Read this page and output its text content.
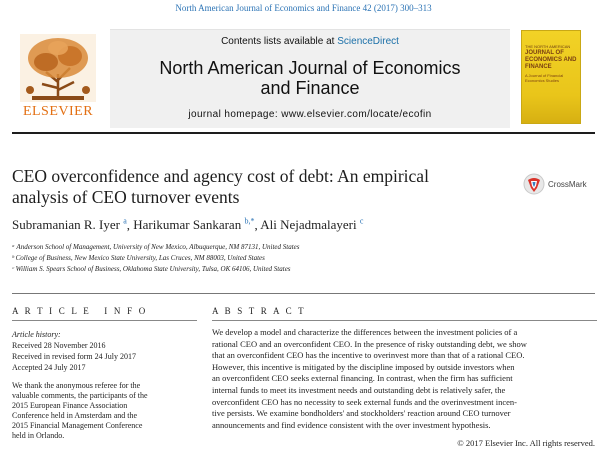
North American Journal of Economics and Finance 42 (2017) 300–313
Contents lists available at ScienceDirect
North American Journal of Economics
and Finance
journal homepage: www.elsevier.com/locate/ecofin
ELSEVIER
THE NORTH AMERICAN
JOURNAL OF ECONOMICS AND FINANCE
A Journal of Financial Economics Studies
CEO overconfidence and agency cost of debt: An empirical
analysis of CEO turnover events
CrossMark
Subramanian R. Iyer $^a$, Harikumar Sankaran $^{b,*}$, Ali Nejadmalayeri $^c$
ᵃ Anderson School of Management, University of New Mexico, Albuquerque, NM 87131, United States
ᵇ College of Business, New Mexico State University, Las Cruces, NM 88003, United States
ᶜ William S. Spears School of Business, Oklahoma State University, Tulsa, OK 64106, United States
A R T I C L E   I N F O	A B S T R A C T
Article history:
Received 28 November 2016
Received in revised form 24 July 2017
Accepted 24 July 2017
We thank the anonymous referee for the
valuable comments, the participants of the
2015 European Finance Association
Conference held in Amsterdam and the
2015 Financial Management Conference
held in Orlando.
We develop a model and characterize the differences between the investment policies of a
rational CEO and an overconfident CEO. In the presence of risky outstanding debt, we show
that an overconfident CEO has the incentive to overinvest more than that of a rational CEO.
However, this incentive is mitigated by the discipline imposed by outside investors when
an overconfident CEO seeks external financing. In contrast, when the firm has sufficient
internal funds to meet its investment needs and outstanding debt is relatively safer, the
overconfident CEO has no necessity to seek external funds and the overinvestment incen-
tive persists. We examine bondholders' and stockholders' reaction around CEO turnover
announcements and find evidence consistent with the over investment hypothesis.
© 2017 Elsevier Inc. All rights reserved.
